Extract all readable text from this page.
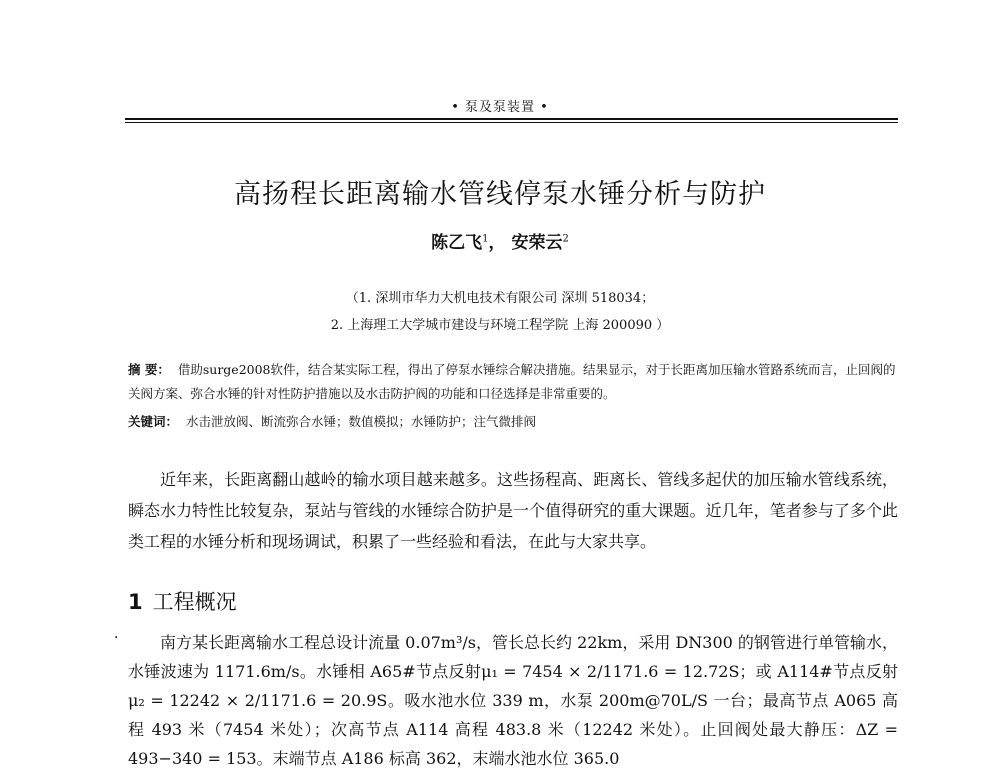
• 泵及泵装置 •
高扬程长距离输水管线停泵水锤分析与防护
陈乙飞$^1$， 安荣云$^2$
（1. 深圳市华力大机电技术有限公司 深圳 518034；
2. 上海理工大学城市建设与环境工程学院 上海 200090 ）

摘 要： 借助surge2008软件，结合某实际工程，得出了停泵水锤综合解决措施。结果显示，对于长距离加压输水管路系统而言，止回阀的关阀方案、弥合水锤的针对性防护措施以及水击防护阀的功能和口径选择是非常重要的。

关键词： 水击泄放阀、断流弥合水锤；数值模拟；水锤防护；注气微排阀

近年来，长距离翻山越岭的输水项目越来越多。这些扬程高、距离长、管线多起伏的加压输水管线系统，瞬态水力特性比较复杂，泵站与管线的水锤综合防护是一个值得研究的重大课题。近几年，笔者参与了多个此类工程的水锤分析和现场调试，积累了一些经验和看法，在此与大家共享。

1 工程概况
·	南方某长距离输水工程总设计流量 0.07m³/s，管长总长约 22km，采用 DN300 的钢管进行单管输水，水锤波速为 1171.6m/s。水锤相 A65#节点反射μ₁ = 7454 × 2/1171.6 = 12.72S；或 A114#节点反射μ₂ = 12242 × 2/1171.6 = 20.9S。吸水池水位 339 m，水泵 200m@70L/S 一台；最高节点 A065 高程 493 米（7454 米处）；次高节点 A114 高程 483.8 米（12242 米处）。止回阀处最大静压：ΔZ = 493−340 = 153。末端节点 A186 标高 362，末端水池水位 365.0
